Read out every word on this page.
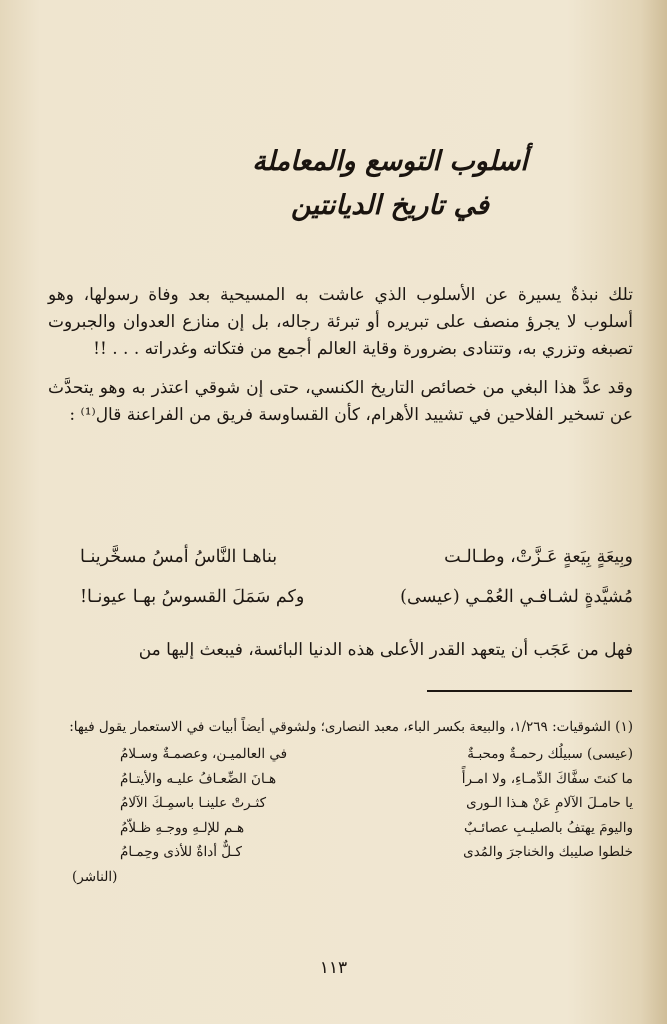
أسلوب التوسع والمعاملة

في تاريخ الديانتين

تلك نبذةٌ يسيرة عن الأسلوب الذي عاشت به المسيحية بعد وفاة رسولها، وهو أسلوب لا يجرؤ منصف على تبريره أو تبرئة رجاله، بل إن منازع العدوان والجبروت تصبغه وتزري به، وتتنادى بضرورة وقاية العالم أجمع من فتكاته وغدراته . . . !!

وقد عدَّ هذا البغي من خصائص التاريخ الكنسي، حتى إن شوقي اعتذر به وهو يتحدَّث عن تسخير الفلاحين في تشييد الأهرام، كأن القساوسة فريق من الفراعنة قال⁽¹⁾ :

وبِيعَةٍ بِيَعةٍ عَـزَّتْ، وطـالـت
بناهـا النَّاسُ أمسُ مسخَّرينـا
مُشيَّدةٍ لشـافـي العُمْـي (عيسى)
وكم سَمَلَ القسوسُ بهـا عيونـا!

فهل من عَجَب أن يتعهد القدر الأعلى هذه الدنيا البائسة، فيبعث إليها من

(١) الشوقيات: ١/٢٦٩، والبيعة بكسر الباء، معبد النصارى؛ ولشوقي أيضاً أبيات في الاستعمار يقول فيها:

(عيسى) سبيلُك رحمـةٌ ومحبـةٌ
في العالميـن، وعصمـةٌ وسـلامُ
ما كنتَ سفَّاكَ الدِّمـاءِ، ولا امـرأً
هـانَ الضِّعـافُ عليـه والأيتـامُ
يا حامـلَ الآلامِ عَنْ هـذا الـورى
كثـرتْ علينـا باسمِـكَ الآلامُ
واليومَ يهتفُ بالصليـبِ عصائـبٌ
هـم للإلـهِ ووجـهِ ظـلاّمُ
خلطوا صليبك والخناجرَ والمُدى
كـلٌّ أداةٌ للأذى وحِمـامُ
(الناشر)
١١٣
